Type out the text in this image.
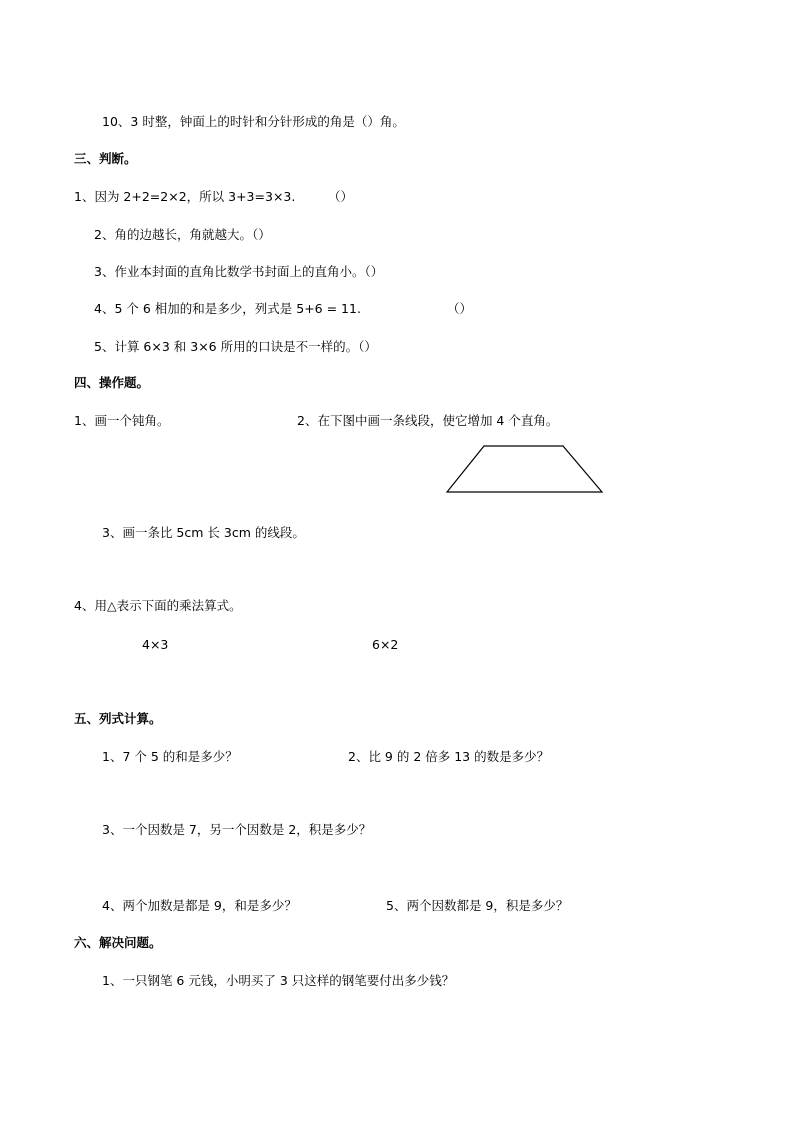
10、3 时整，钟面上的时针和分针形成的角是（）角。
三、判断。
1、因为 2+2=2×2，所以 3+3=3×3.	（）
2、角的边越长，角就越大。（）
3、作业本封面的直角比数学书封面上的直角小。（）
4、5 个 6 相加的和是多少，列式是 5+6 = 11.	（）
5、计算 6×3 和 3×6 所用的口诀是不一样的。（）
四、操作题。
1、画一个钝角。	2、在下图中画一条线段，使它增加 4 个直角。
3、画一条比 5cm 长 3cm 的线段。
4、用△表示下面的乘法算式。
4×3	6×2
五、列式计算。
1、7 个 5 的和是多少？	2、比 9 的 2 倍多 13 的数是多少？
3、一个因数是 7，另一个因数是 2，积是多少？
4、两个加数是都是 9，和是多少？	5、两个因数都是 9，积是多少？
六、解决问题。
1、一只钢笔 6 元钱，小明买了 3 只这样的钢笔要付出多少钱？
